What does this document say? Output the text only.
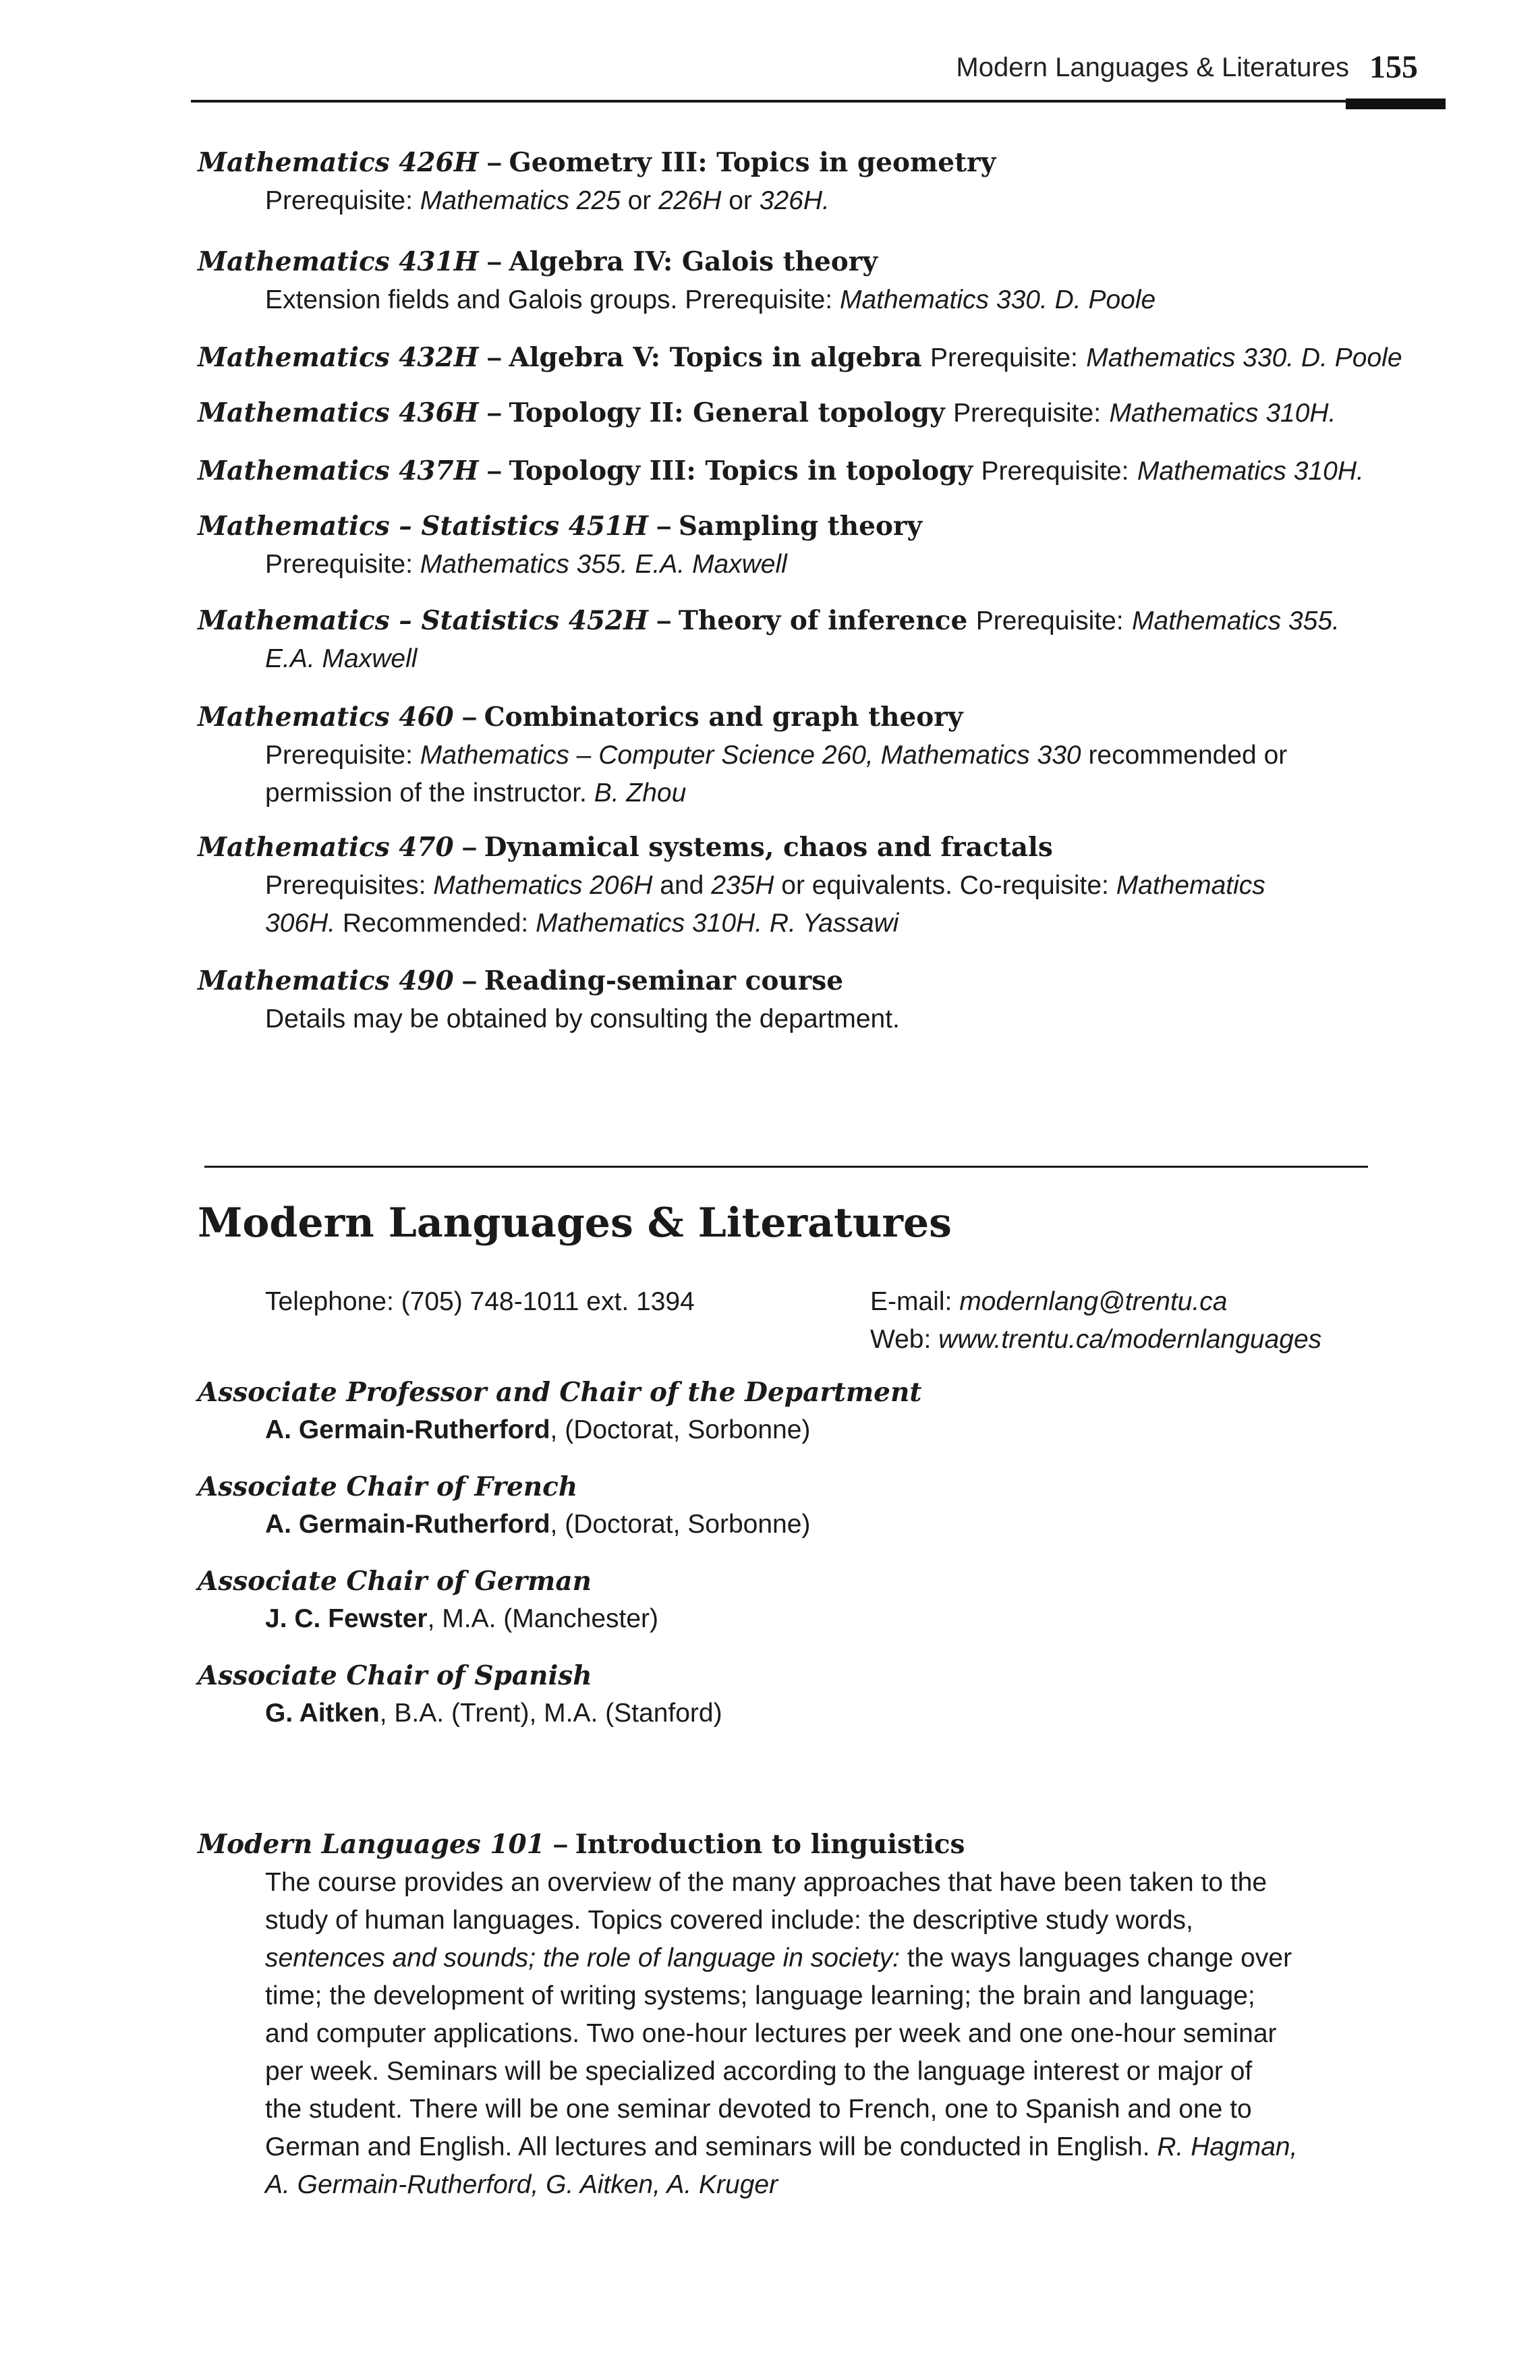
Modern Languages & Literatures 155
Mathematics 426H – Geometry III: Topics in geometry
Prerequisite: Mathematics 225 or 226H or 326H.
Mathematics 431H – Algebra IV: Galois theory
Extension fields and Galois groups. Prerequisite: Mathematics 330. D. Poole
Mathematics 432H – Algebra V: Topics in algebra Prerequisite: Mathematics 330. D. Poole
Mathematics 436H – Topology II: General topology Prerequisite: Mathematics 310H.
Mathematics 437H – Topology III: Topics in topology Prerequisite: Mathematics 310H.
Mathematics – Statistics 451H – Sampling theory
Prerequisite: Mathematics 355. E.A. Maxwell
Mathematics – Statistics 452H – Theory of inference Prerequisite: Mathematics 355.
E.A. Maxwell
Mathematics 460 – Combinatorics and graph theory
Prerequisite: Mathematics – Computer Science 260, Mathematics 330 recommended or
permission of the instructor. B. Zhou
Mathematics 470 – Dynamical systems, chaos and fractals
Prerequisites: Mathematics 206H and 235H or equivalents. Co-requisite: Mathematics
306H. Recommended: Mathematics 310H. R. Yassawi
Mathematics 490 – Reading-seminar course
Details may be obtained by consulting the department.
Modern Languages & Literatures
Telephone: (705) 748-1011 ext. 1394	E-mail: modernlang@trentu.ca
Web: www.trentu.ca/modernlanguages
Associate Professor and Chair of the Department
A. Germain-Rutherford, (Doctorat, Sorbonne)
Associate Chair of French
A. Germain-Rutherford, (Doctorat, Sorbonne)
Associate Chair of German
J. C. Fewster, M.A. (Manchester)
Associate Chair of Spanish
G. Aitken, B.A. (Trent), M.A. (Stanford)
Modern Languages 101 – Introduction to linguistics
The course provides an overview of the many approaches that have been taken to the
study of human languages. Topics covered include: the descriptive study words,
sentences and sounds; the role of language in society: the ways languages change over
time; the development of writing systems; language learning; the brain and language;
and computer applications. Two one-hour lectures per week and one one-hour seminar
per week. Seminars will be specialized according to the language interest or major of
the student. There will be one seminar devoted to French, one to Spanish and one to
German and English. All lectures and seminars will be conducted in English. R. Hagman,
A. Germain-Rutherford, G. Aitken, A. Kruger
